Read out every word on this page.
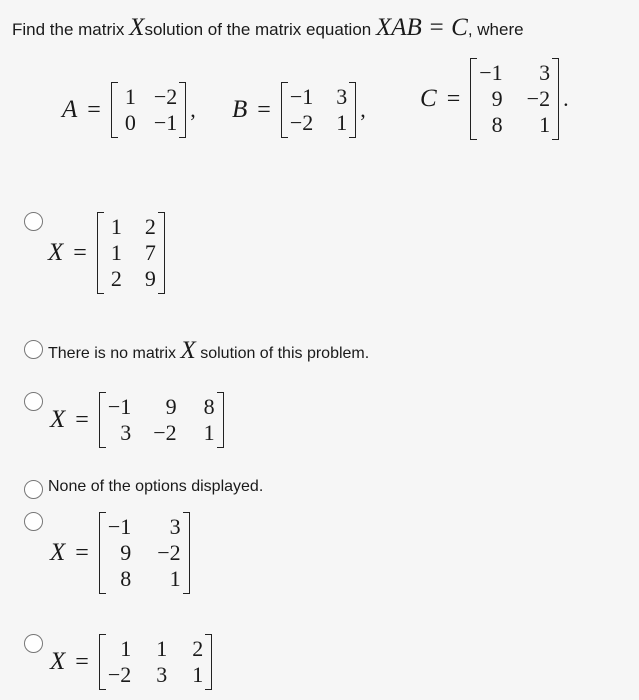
Find the matrix Xsolution of the matrix equation XAB = C, where
A = 1 −2
0 −1
, B = −1 3
−2 1
, C =
−1	3
9 −2
8	1
.
X =
1 2
1 7
2 9
There is no matrix X solution of this problem.
X = −1	9 8
3 −2 1
None of the options displayed.
X =
−1	3
9 −2
8	1
X =	1 1 2
−2 3 1
